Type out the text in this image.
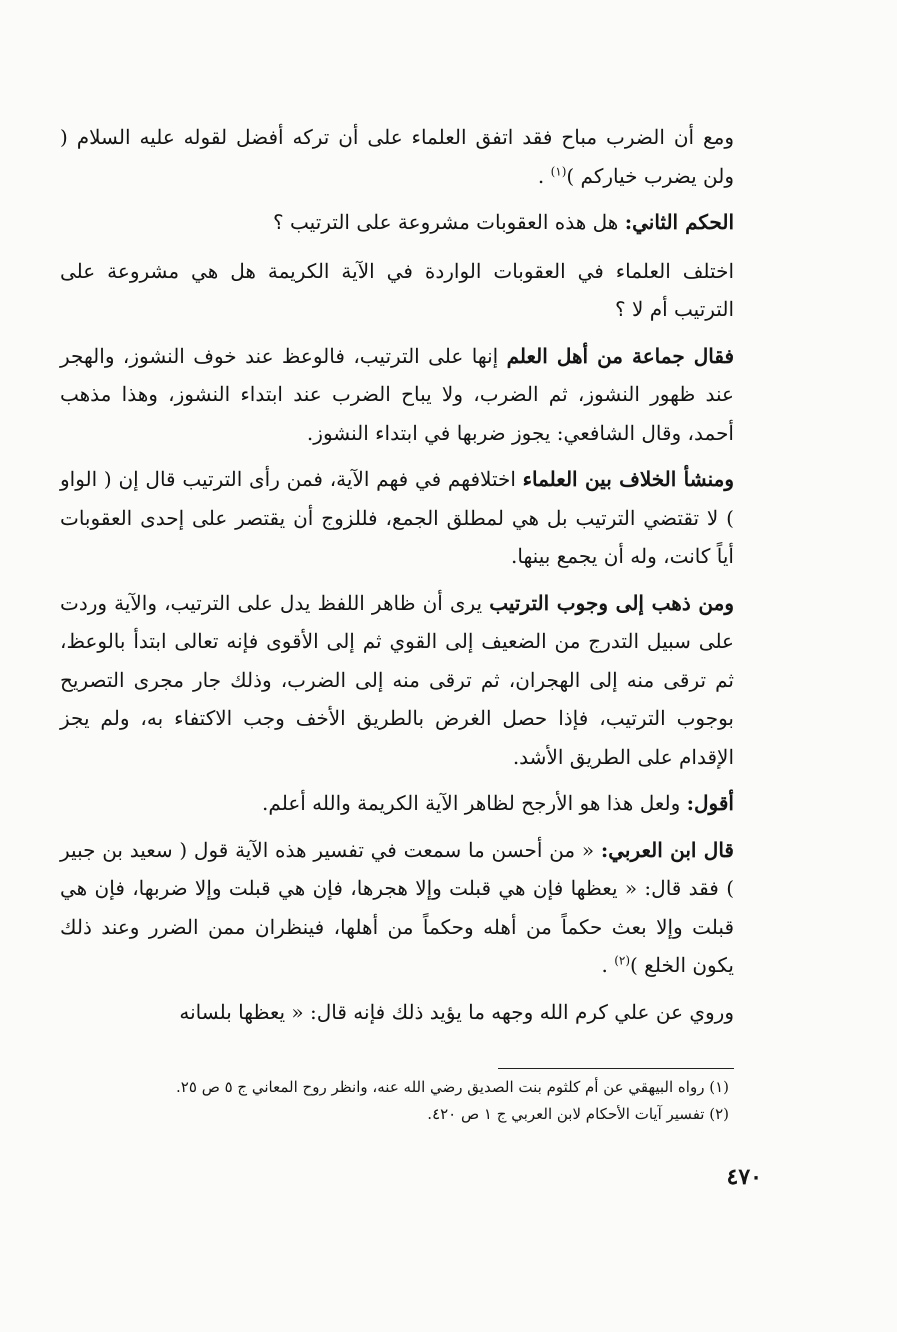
ومع أن الضرب مباح فقد اتفق العلماء على أن تركه أفضل لقوله عليه السلام ( ولن يضرب خياركم )$^{(١)}$ .

الحكم الثاني: هل هذه العقوبات مشروعة على الترتيب ؟

اختلف العلماء في العقوبات الواردة في الآية الكريمة هل هي مشروعة على الترتيب أم لا ؟

فقال جماعة من أهل العلم إنها على الترتيب، فالوعظ عند خوف النشوز، والهجر عند ظهور النشوز، ثم الضرب، ولا يباح الضرب عند ابتداء النشوز، وهذا مذهب أحمد، وقال الشافعي: يجوز ضربها في ابتداء النشوز.

ومنشأ الخلاف بين العلماء اختلافهم في فهم الآية، فمن رأى الترتيب قال إن ( الواو ) لا تقتضي الترتيب بل هي لمطلق الجمع، فللزوج أن يقتصر على إحدى العقوبات أياً كانت، وله أن يجمع بينها.

ومن ذهب إلى وجوب الترتيب يرى أن ظاهر اللفظ يدل على الترتيب، والآية وردت على سبيل التدرج من الضعيف إلى القوي ثم إلى الأقوى فإنه تعالى ابتدأ بالوعظ، ثم ترقى منه إلى الهجران، ثم ترقى منه إلى الضرب، وذلك جار مجرى التصريح بوجوب الترتيب، فإذا حصل الغرض بالطريق الأخف وجب الاكتفاء به، ولم يجز الإقدام على الطريق الأشد.

أقول: ولعل هذا هو الأرجح لظاهر الآية الكريمة والله أعلم.

قال ابن العربي: « من أحسن ما سمعت في تفسير هذه الآية قول ( سعيد بن جبير ) فقد قال: « يعظها فإن هي قبلت وإلا هجرها، فإن هي قبلت وإلا ضربها، فإن هي قبلت وإلا بعث حكماً من أهله وحكماً من أهلها، فينظران ممن الضرر وعند ذلك يكون الخلع )$^{(٢)}$ .

وروي عن علي كرم الله وجهه ما يؤيد ذلك فإنه قال: « يعظها بلسانه

(١) رواه البيهقي عن أم كلثوم بنت الصديق رضي الله عنه، وانظر روح المعاني ج ٥ ص ٢٥.
(٢) تفسير آيات الأحكام لابن العربي ج ١ ص ٤٢٠.
٤٧٠
